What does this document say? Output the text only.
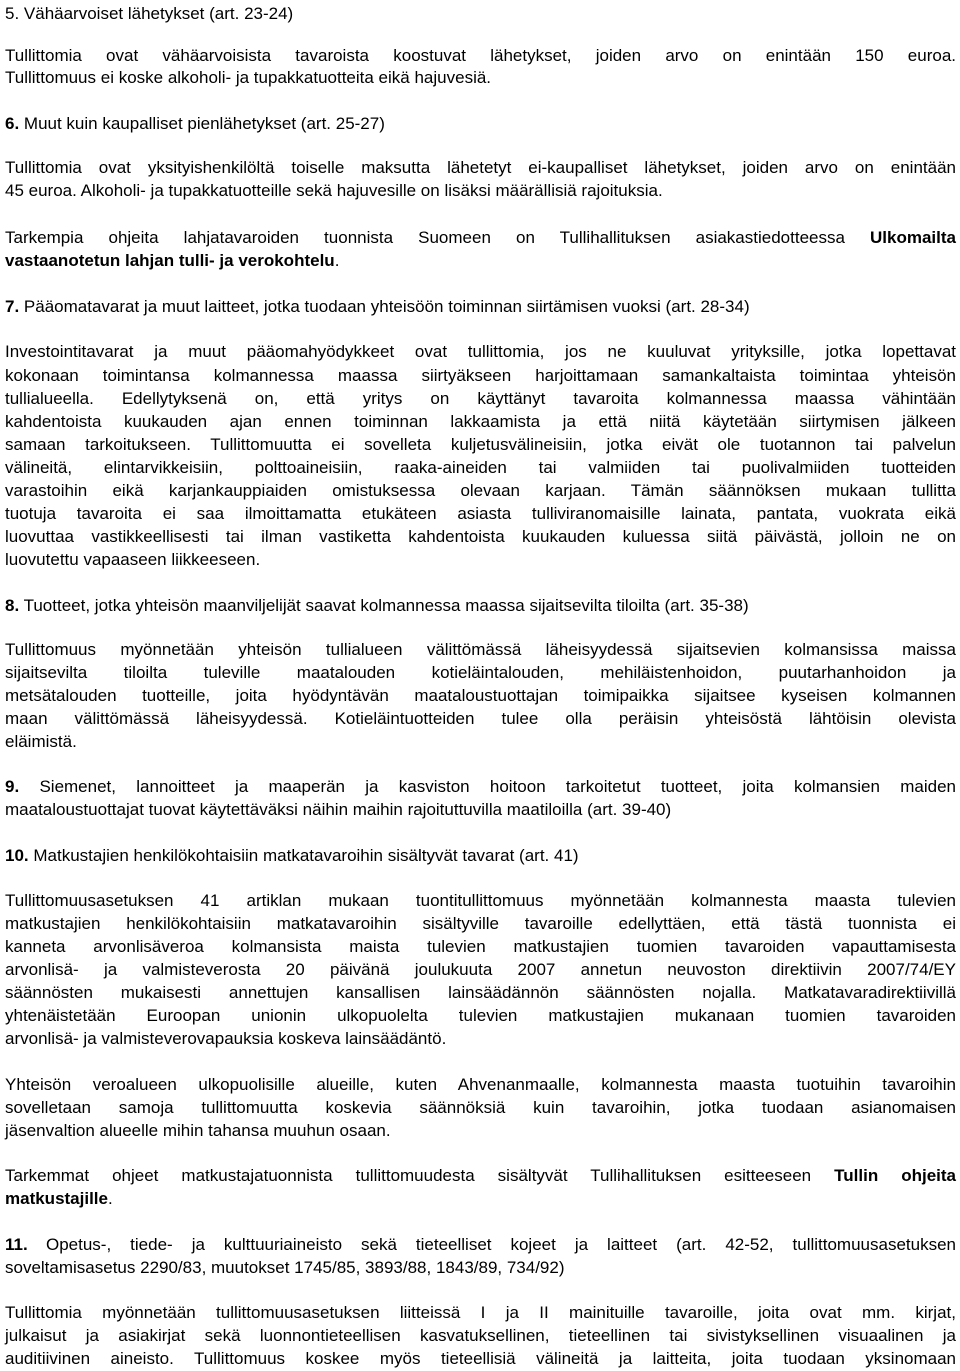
5. Vähäarvoiset lähetykset (art. 23-24)
Tullittomia ovat vähäarvoisista tavaroista koostuvat lähetykset, joiden arvo on enintään 150 euroa.
Tullittomuus ei koske alkoholi- ja tupakkatuotteita eikä hajuvesiä.
6. Muut kuin kaupalliset pienlähetykset (art. 25-27)
Tullittomia ovat yksityishenkilöltä toiselle maksutta lähetetyt ei-kaupalliset lähetykset, joiden arvo on enintään
45 euroa. Alkoholi- ja tupakkatuotteille sekä hajuvesille on lisäksi määrällisiä rajoituksia.
Tarkempia ohjeita lahjatavaroiden tuonnista Suomeen on Tullihallituksen asiakastiedotteessa Ulkomailta
vastaanotetun lahjan tulli- ja verokohtelu.
7. Pääomatavarat ja muut laitteet, jotka tuodaan yhteisöön toiminnan siirtämisen vuoksi (art. 28-34)
Investointitavarat ja muut pääomahyödykkeet ovat tullittomia, jos ne kuuluvat yrityksille, jotka lopettavat
kokonaan toimintansa kolmannessa maassa siirtyäkseen harjoittamaan samankaltaista toimintaa yhteisön
tullialueella. Edellytyksenä on, että yritys on käyttänyt tavaroita kolmannessa maassa vähintään
kahdentoista kuukauden ajan ennen toiminnan lakkaamista ja että niitä käytetään siirtymisen jälkeen
samaan tarkoitukseen. Tullittomuutta ei sovelleta kuljetusvälineisiin, jotka eivät ole tuotannon tai palvelun
välineitä, elintarvikkeisiin, polttoaineisiin, raaka-aineiden tai valmiiden tai puolivalmiiden tuotteiden
varastoihin eikä karjankauppiaiden omistuksessa olevaan karjaan. Tämän säännöksen mukaan tullitta
tuotuja tavaroita ei saa ilmoittamatta etukäteen asiasta tulliviranomaisille lainata, pantata, vuokrata eikä
luovuttaa vastikkeellisesti tai ilman vastiketta kahdentoista kuukauden kuluessa siitä päivästä, jolloin ne on
luovutettu vapaaseen liikkeeseen.
8. Tuotteet, jotka yhteisön maanviljelijät saavat kolmannessa maassa sijaitsevilta tiloilta (art. 35-38)
Tullittomuus myönnetään yhteisön tullialueen välittömässä läheisyydessä sijaitsevien kolmansissa maissa
sijaitsevilta tiloilta tuleville maatalouden kotieläintalouden, mehiläistenhoidon, puutarhanhoidon ja
metsätalouden tuotteille, joita hyödyntävän maataloustuottajan toimipaikka sijaitsee kyseisen kolmannen
maan välittömässä läheisyydessä. Kotieläintuotteiden tulee olla peräisin yhteisöstä lähtöisin olevista
eläimistä.
9. Siemenet, lannoitteet ja maaperän ja kasviston hoitoon tarkoitetut tuotteet, joita kolmansien maiden
maataloustuottajat tuovat käytettäväksi näihin maihin rajoituttuvilla maatiloilla (art. 39-40)
10. Matkustajien henkilökohtaisiin matkatavaroihin sisältyvät tavarat (art. 41)
Tullittomuusasetuksen 41 artiklan mukaan tuontitullittomuus myönnetään kolmannesta maasta tulevien
matkustajien henkilökohtaisiin matkatavaroihin sisältyville tavaroille edellyttäen, että tästä tuonnista ei
kanneta arvonlisäveroa kolmansista maista tulevien matkustajien tuomien tavaroiden vapauttamisesta
arvonlisä- ja valmisteverosta 20 päivänä joulukuuta 2007 annetun neuvoston direktiivin 2007/74/EY
säännösten mukaisesti annettujen kansallisen lainsäädännön säännösten nojalla. Matkatavaradirektiivillä
yhtenäistetään Euroopan unionin ulkopuolelta tulevien matkustajien mukanaan tuomien tavaroiden
arvonlisä- ja valmisteverovapauksia koskeva lainsäädäntö.
Yhteisön veroalueen ulkopuolisille alueille, kuten Ahvenanmaalle, kolmannesta maasta tuotuihin tavaroihin
sovelletaan samoja tullittomuutta koskevia säännöksiä kuin tavaroihin, jotka tuodaan asianomaisen
jäsenvaltion alueelle mihin tahansa muuhun osaan.
Tarkemmat ohjeet matkustajatuonnista tullittomuudesta sisältyvät Tullihallituksen esitteeseen Tullin ohjeita
matkustajille.
11. Opetus-, tiede- ja kulttuuriaineisto sekä tieteelliset kojeet ja laitteet (art. 42-52, tullittomuusasetuksen
soveltamisasetus 2290/83, muutokset 1745/85, 3893/88, 1843/89, 734/92)
Tullittomia myönnetään tullittomuusasetuksen liitteissä I ja II mainituille tavaroille, joita ovat mm. kirjat,
julkaisut ja asiakirjat sekä luonnontieteellisen kasvatuksellinen, tieteellinen tai sivistyksellinen visuaalinen ja
auditiivinen aineisto. Tullittomuus koskee myös tieteellisiä välineitä ja laitteita, joita tuodaan yksinomaan
